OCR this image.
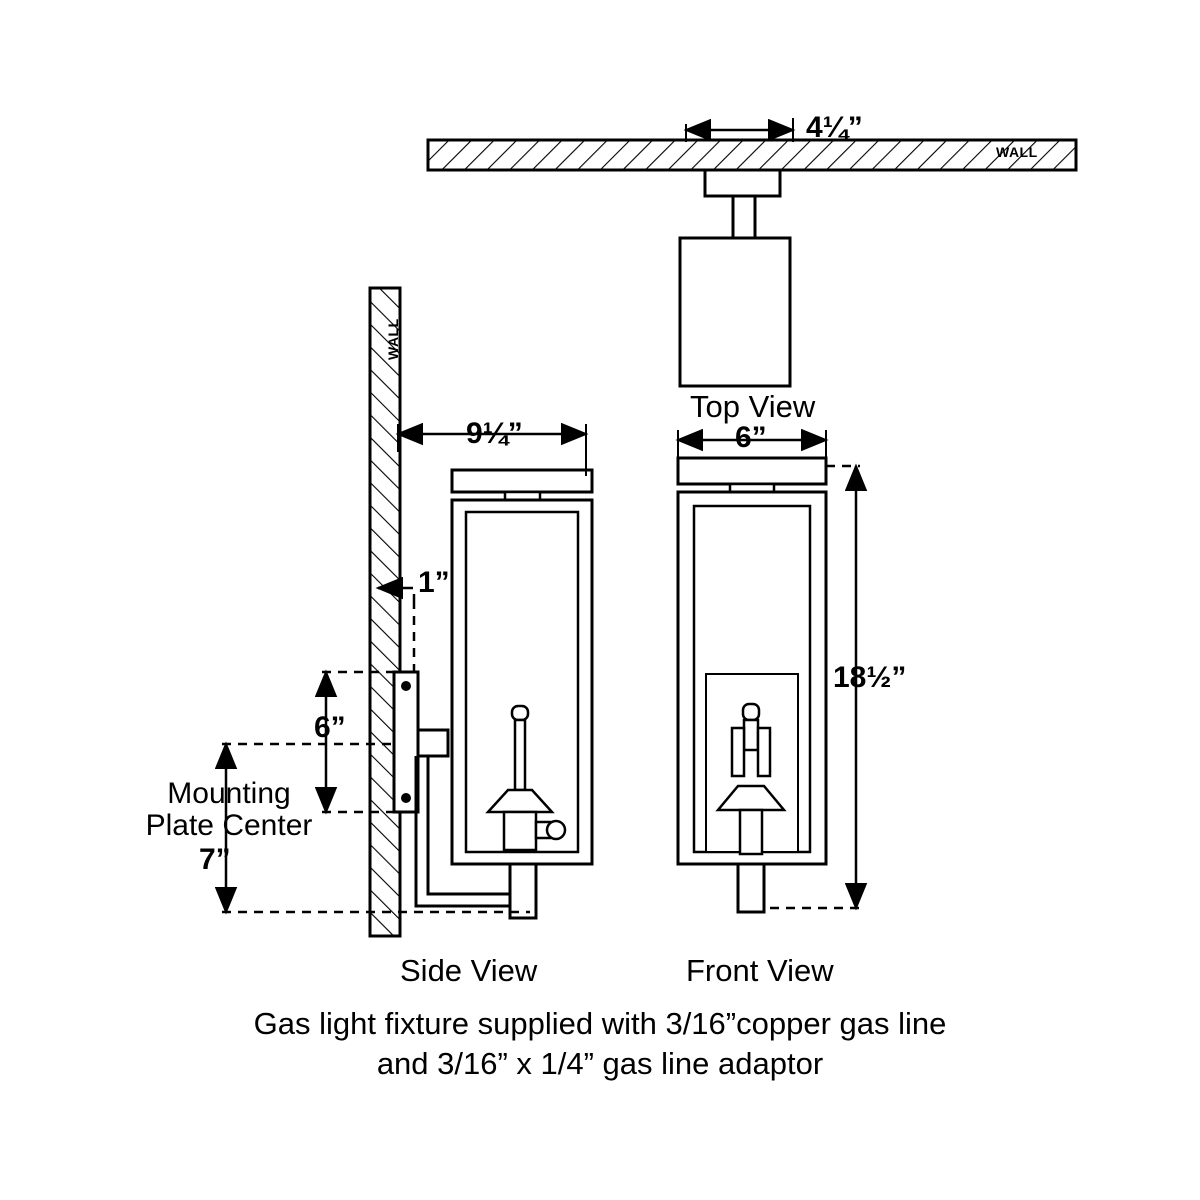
WALL
WALL
4¼”
9¼”	6”
18½”
1”
6”
Mounting
Plate Center
7”
Top View
Side View	Front View
Gas light fixture supplied with 3/16”copper gas line
and 3/16” x 1/4” gas line adaptor
